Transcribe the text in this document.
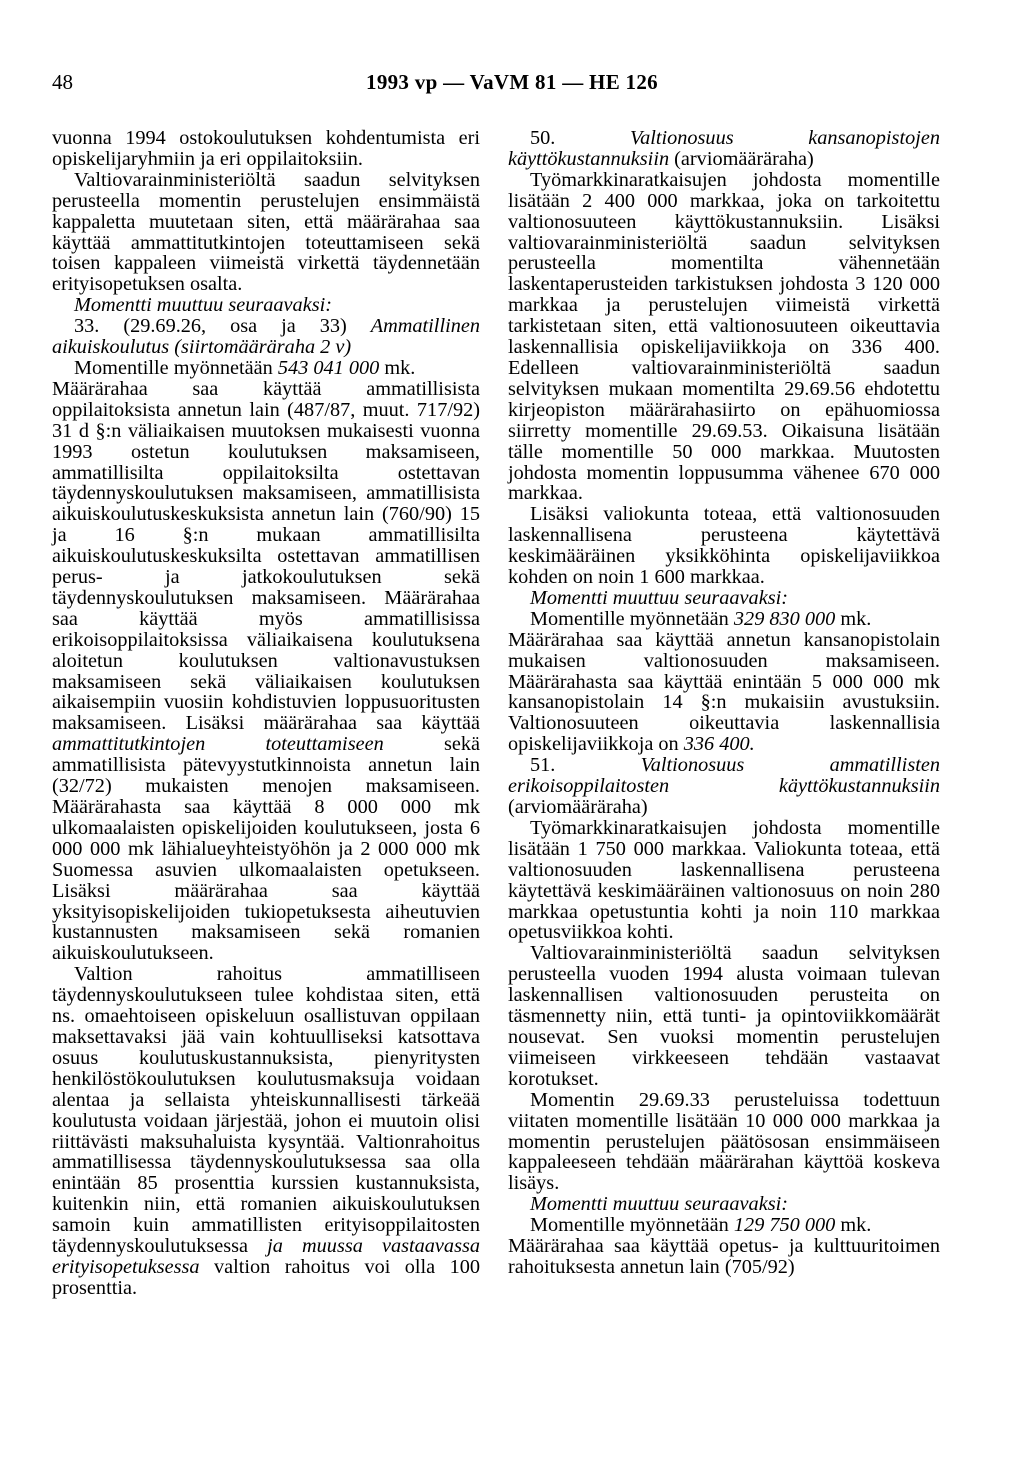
48	1993 vp — VaVM 81 — HE 126

vuonna 1994 ostokoulutuksen kohdentumista eri opiskelijaryhmiin ja eri oppilaitoksiin.

Valtiovarainministeriöltä saadun selvityksen perusteella momentin perustelujen ensimmäistä kappaletta muutetaan siten, että määrärahaa saa käyttää ammattitutkintojen toteuttamiseen sekä toisen kappaleen viimeistä virkettä täydennetään erityisopetuksen osalta.

Momentti muuttuu seuraavaksi:

33. (29.69.26, osa ja 33) Ammatillinen aikuiskoulutus (siirtomääräraha 2 v)

Momentille myönnetään 543 041 000 mk.

Määrärahaa saa käyttää ammatillisista oppilaitoksista annetun lain (487/87, muut. 717/92) 31 d §:n väliaikaisen muutoksen mukaisesti vuonna 1993 ostetun koulutuksen maksamiseen, ammatillisilta oppilaitoksilta ostettavan täydennyskoulutuksen maksamiseen, ammatillisista aikuiskoulutuskeskuksista annetun lain (760/90) 15 ja 16 §:n mukaan ammatillisilta aikuiskoulutuskeskuksilta ostettavan ammatillisen perus- ja jatkokoulutuksen sekä täydennyskoulutuksen maksamiseen. Määrärahaa saa käyttää myös ammatillisissa erikoisoppilaitoksissa väliaikaisena koulutuksena aloitetun koulutuksen valtionavustuksen maksamiseen sekä väliaikaisen koulutuksen aikaisempiin vuosiin kohdistuvien loppusuoritusten maksamiseen. Lisäksi määrärahaa saa käyttää ammattitutkintojen toteuttamiseen sekä ammatillisista pätevyystutkinnoista annetun lain (32/72) mukaisten menojen maksamiseen. Määrärahasta saa käyttää 8 000 000 mk ulkomaalaisten opiskelijoiden koulutukseen, josta 6 000 000 mk lähialueyhteistyöhön ja 2 000 000 mk Suomessa asuvien ulkomaalaisten opetukseen. Lisäksi määrärahaa saa käyttää yksityisopiskelijoiden tukiopetuksesta aiheutuvien kustannusten maksamiseen sekä romanien aikuiskoulutukseen.

Valtion rahoitus ammatilliseen täydennyskoulutukseen tulee kohdistaa siten, että ns. omaehtoiseen opiskeluun osallistuvan oppilaan maksettavaksi jää vain kohtuulliseksi katsottava osuus koulutuskustannuksista, pienyritysten henkilöstökoulutuksen koulutusmaksuja voidaan alentaa ja sellaista yhteiskunnallisesti tärkeää koulutusta voidaan järjestää, johon ei muutoin olisi riittävästi maksuhaluista kysyntää. Valtionrahoitus ammatillisessa täydennyskoulutuksessa saa olla enintään 85 prosenttia kurssien kustannuksista, kuitenkin niin, että romanien aikuiskoulutuksen samoin kuin ammatillisten erityisoppilaitosten täydennyskoulutuksessa ja muussa vastaavassa erityisopetuksessa valtion rahoitus voi olla 100 prosenttia.

50. Valtionosuus kansanopistojen käyttökustannuksiin (arviomääräraha)

Työmarkkinaratkaisujen johdosta momentille lisätään 2 400 000 markkaa, joka on tarkoitettu valtionosuuteen käyttökustannuksiin. Lisäksi valtiovarainministeriöltä saadun selvityksen perusteella momentilta vähennetään laskentaperusteiden tarkistuksen johdosta 3 120 000 markkaa ja perustelujen viimeistä virkettä tarkistetaan siten, että valtionosuuteen oikeuttavia laskennallisia opiskelijaviikkoja on 336 400. Edelleen valtiovarainministeriöltä saadun selvityksen mukaan momentilta 29.69.56 ehdotettu kirjeopiston määrärahasiirto on epähuomiossa siirretty momentille 29.69.53. Oikaisuna lisätään tälle momentille 50 000 markkaa. Muutosten johdosta momentin loppusumma vähenee 670 000 markkaa.

Lisäksi valiokunta toteaa, että valtionosuuden laskennallisena perusteena käytettävä keskimääräinen yksikköhinta opiskelijaviikkoa kohden on noin 1 600 markkaa.

Momentti muuttuu seuraavaksi:

Momentille myönnetään 329 830 000 mk.

Määrärahaa saa käyttää annetun kansanopistolain mukaisen valtionosuuden maksamiseen. Määrärahasta saa käyttää enintään 5 000 000 mk kansanopistolain 14 §:n mukaisiin avustuksiin. Valtionosuuteen oikeuttavia laskennallisia opiskelijaviikkoja on 336 400.

51. Valtionosuus ammatillisten erikoisoppilaitosten käyttökustannuksiin (arviomääräraha)

Työmarkkinaratkaisujen johdosta momentille lisätään 1 750 000 markkaa. Valiokunta toteaa, että valtionosuuden laskennallisena perusteena käytettävä keskimääräinen valtionosuus on noin 280 markkaa opetustuntia kohti ja noin 110 markkaa opetusviikkoa kohti.

Valtiovarainministeriöltä saadun selvityksen perusteella vuoden 1994 alusta voimaan tulevan laskennallisen valtionosuuden perusteita on täsmennetty niin, että tunti- ja opintoviikkomäärät nousevat. Sen vuoksi momentin perustelujen viimeiseen virkkeeseen tehdään vastaavat korotukset.

Momentin 29.69.33 perusteluissa todettuun viitaten momentille lisätään 10 000 000 markkaa ja momentin perustelujen päätösosan ensimmäiseen kappaleeseen tehdään määrärahan käyttöä koskeva lisäys.

Momentti muuttuu seuraavaksi:

Momentille myönnetään 129 750 000 mk.

Määrärahaa saa käyttää opetus- ja kulttuuritoimen rahoituksesta annetun lain (705/92)
